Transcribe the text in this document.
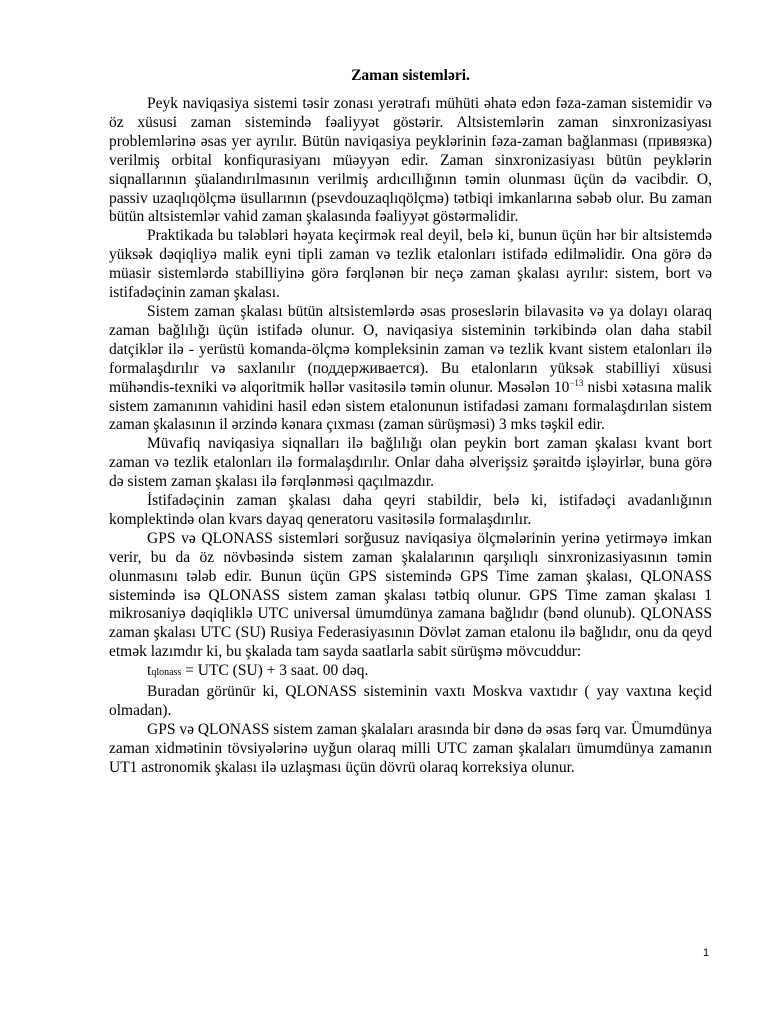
Zaman sistemləri.

Peyk naviqasiya sistemi təsir zonası yerətrafı mühüti əhatə edən fəza-zaman sistemidir və öz xüsusi zaman sistemində fəaliyyət göstərir. Altsistemlərin zaman sinxronizasiyası problemlərinə əsas yer ayrılır. Bütün naviqasiya peyklərinin fəza-zaman bağlanması (привязка) verilmiş orbital konfiqurasiyanı müəyyən edir. Zaman sinxronizasiyası bütün peyklərin siqnallarının şüalandırılmasının verilmiş ardıcıllığının təmin olunması üçün də vacibdir. O, passiv uzaqlıqölçmə üsullarının (psevdouzaqlıqölçmə) tətbiqi imkanlarına səbəb olur. Bu zaman bütün altsistemlər vahid zaman şkalasında fəaliyyət göstərməlidir.

Praktikada bu tələbləri həyata keçirmək real deyil, belə ki, bunun üçün hər bir altsistemdə yüksək dəqiqliyə malik eyni tipli zaman və tezlik etalonları istifadə edilməlidir. Ona görə də müasir sistemlərdə stabilliyinə görə fərqlənən bir neçə zaman şkalası ayrılır: sistem, bort və istifadəçinin zaman şkalası.

Sistem zaman şkalası bütün altsistemlərdə əsas proseslərin bilavasitə və ya dolayı olaraq zaman bağlılığı üçün istifadə olunur. O, naviqasiya sisteminin tərkibində olan daha stabil datçiklər ilə - yerüstü komanda-ölçmə kompleksinin zaman və tezlik kvant sistem etalonları ilə formalaşdırılır və saxlanılır (поддерживается). Bu etalonların yüksək stabilliyi xüsusi mühəndis-texniki və alqoritmik həllər vasitəsilə təmin olunur. Məsələn $10^{-13}$ nisbi xətasına malik sistem zamanının vahidini hasil edən sistem etalonunun istifadəsi zamanı formalaşdırılan sistem zaman şkalasının il ərzində kənara çıxması (zaman sürüşməsi) 3 mks təşkil edir.

Müvafiq naviqasiya siqnalları ilə bağlılığı olan peykin bort zaman şkalası kvant bort zaman və tezlik etalonları ilə formalaşdırılır. Onlar daha əlverişsiz şəraitdə işləyirlər, buna görə də sistem zaman şkalası ilə fərqlənməsi qaçılmazdır.

İstifadəçinin zaman şkalası daha qeyri stabildir, belə ki, istifadəçi avadanlığının komplektində olan kvars dayaq qeneratoru vasitəsilə formalaşdırılır.

GPS və QLONASS sistemləri sorğusuz naviqasiya ölçmələrinin yerinə yetirməyə imkan verir, bu da öz növbəsində sistem zaman şkalalarının qarşılıqlı sinxronizasiyasının təmin olunmasını tələb edir. Bunun üçün GPS sistemində GPS Time zaman şkalası, QLONASS sistemində isə QLONASS sistem zaman şkalası tətbiq olunur. GPS Time zaman şkalası 1 mikrosaniyə dəqiqliklə UTC universal ümumdünya zamana bağlıdır (bənd olunub). QLONASS zaman şkalası UTC (SU) Rusiya Federasiyasının Dövlət zaman etalonu ilə bağlıdır, onu da qeyd etmək lazımdır ki, bu şkalada tam sayda saatlarla sabit sürüşmə mövcuddur:

tqlonass = UTC (SU) + 3 saat. 00 dəq.

Buradan görünür ki, QLONASS sisteminin vaxtı Moskva vaxtıdır ( yay vaxtına keçid olmadan).

GPS və QLONASS sistem zaman şkalaları arasında bir dənə də əsas fərq var. Ümumdünya zaman xidmətinin tövsiyələrinə uyğun olaraq milli UTC zaman şkalaları ümumdünya zamanın UT1 astronomik şkalası ilə uzlaşması üçün dövrü olaraq korreksiya olunur.

1
